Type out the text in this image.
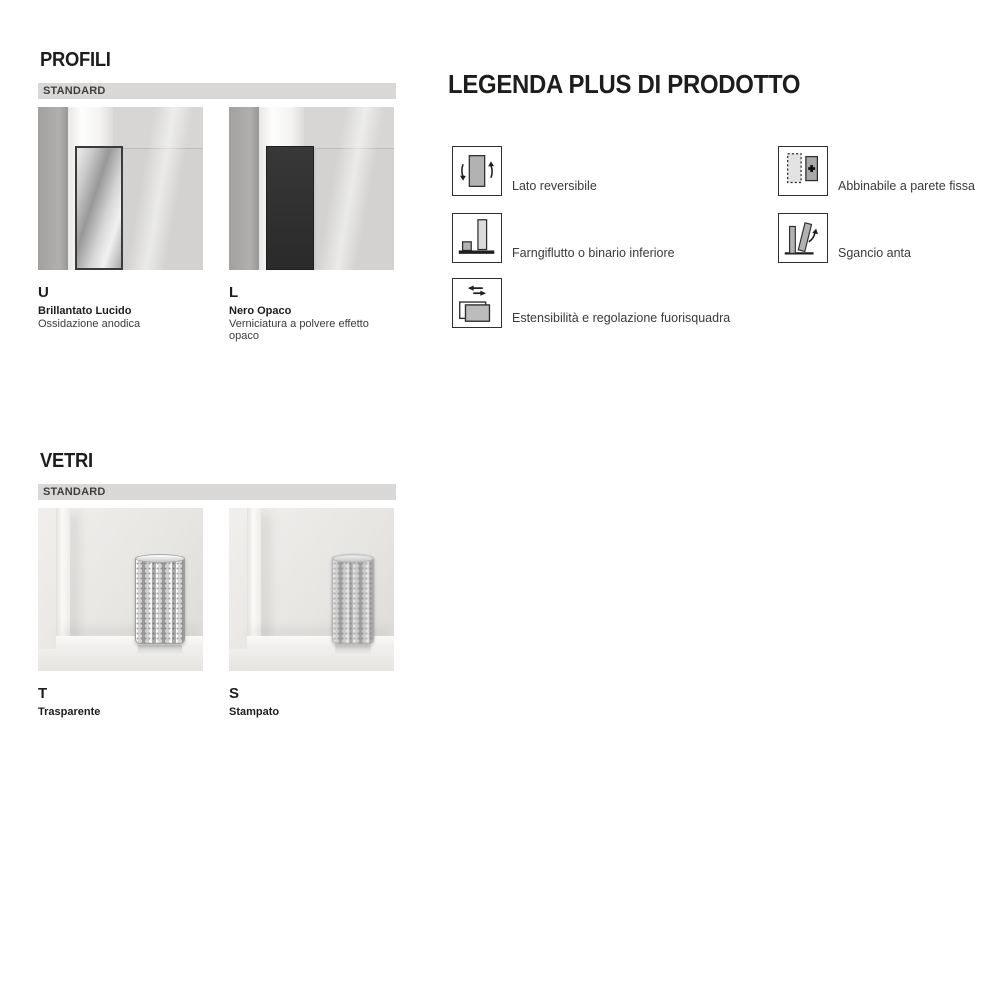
PROFILI
STANDARD
U
Brillantato Lucido
Ossidazione anodica
L
Nero Opaco
Verniciatura a polvere effetto opaco
LEGENDA PLUS DI PRODOTTO
Lato reversibile
Farngiflutto o binario inferiore
Estensibilità e regolazione fuorisquadra
Abbinabile a parete fissa
Sgancio anta
VETRI
STANDARD
T
Trasparente
S
Stampato
